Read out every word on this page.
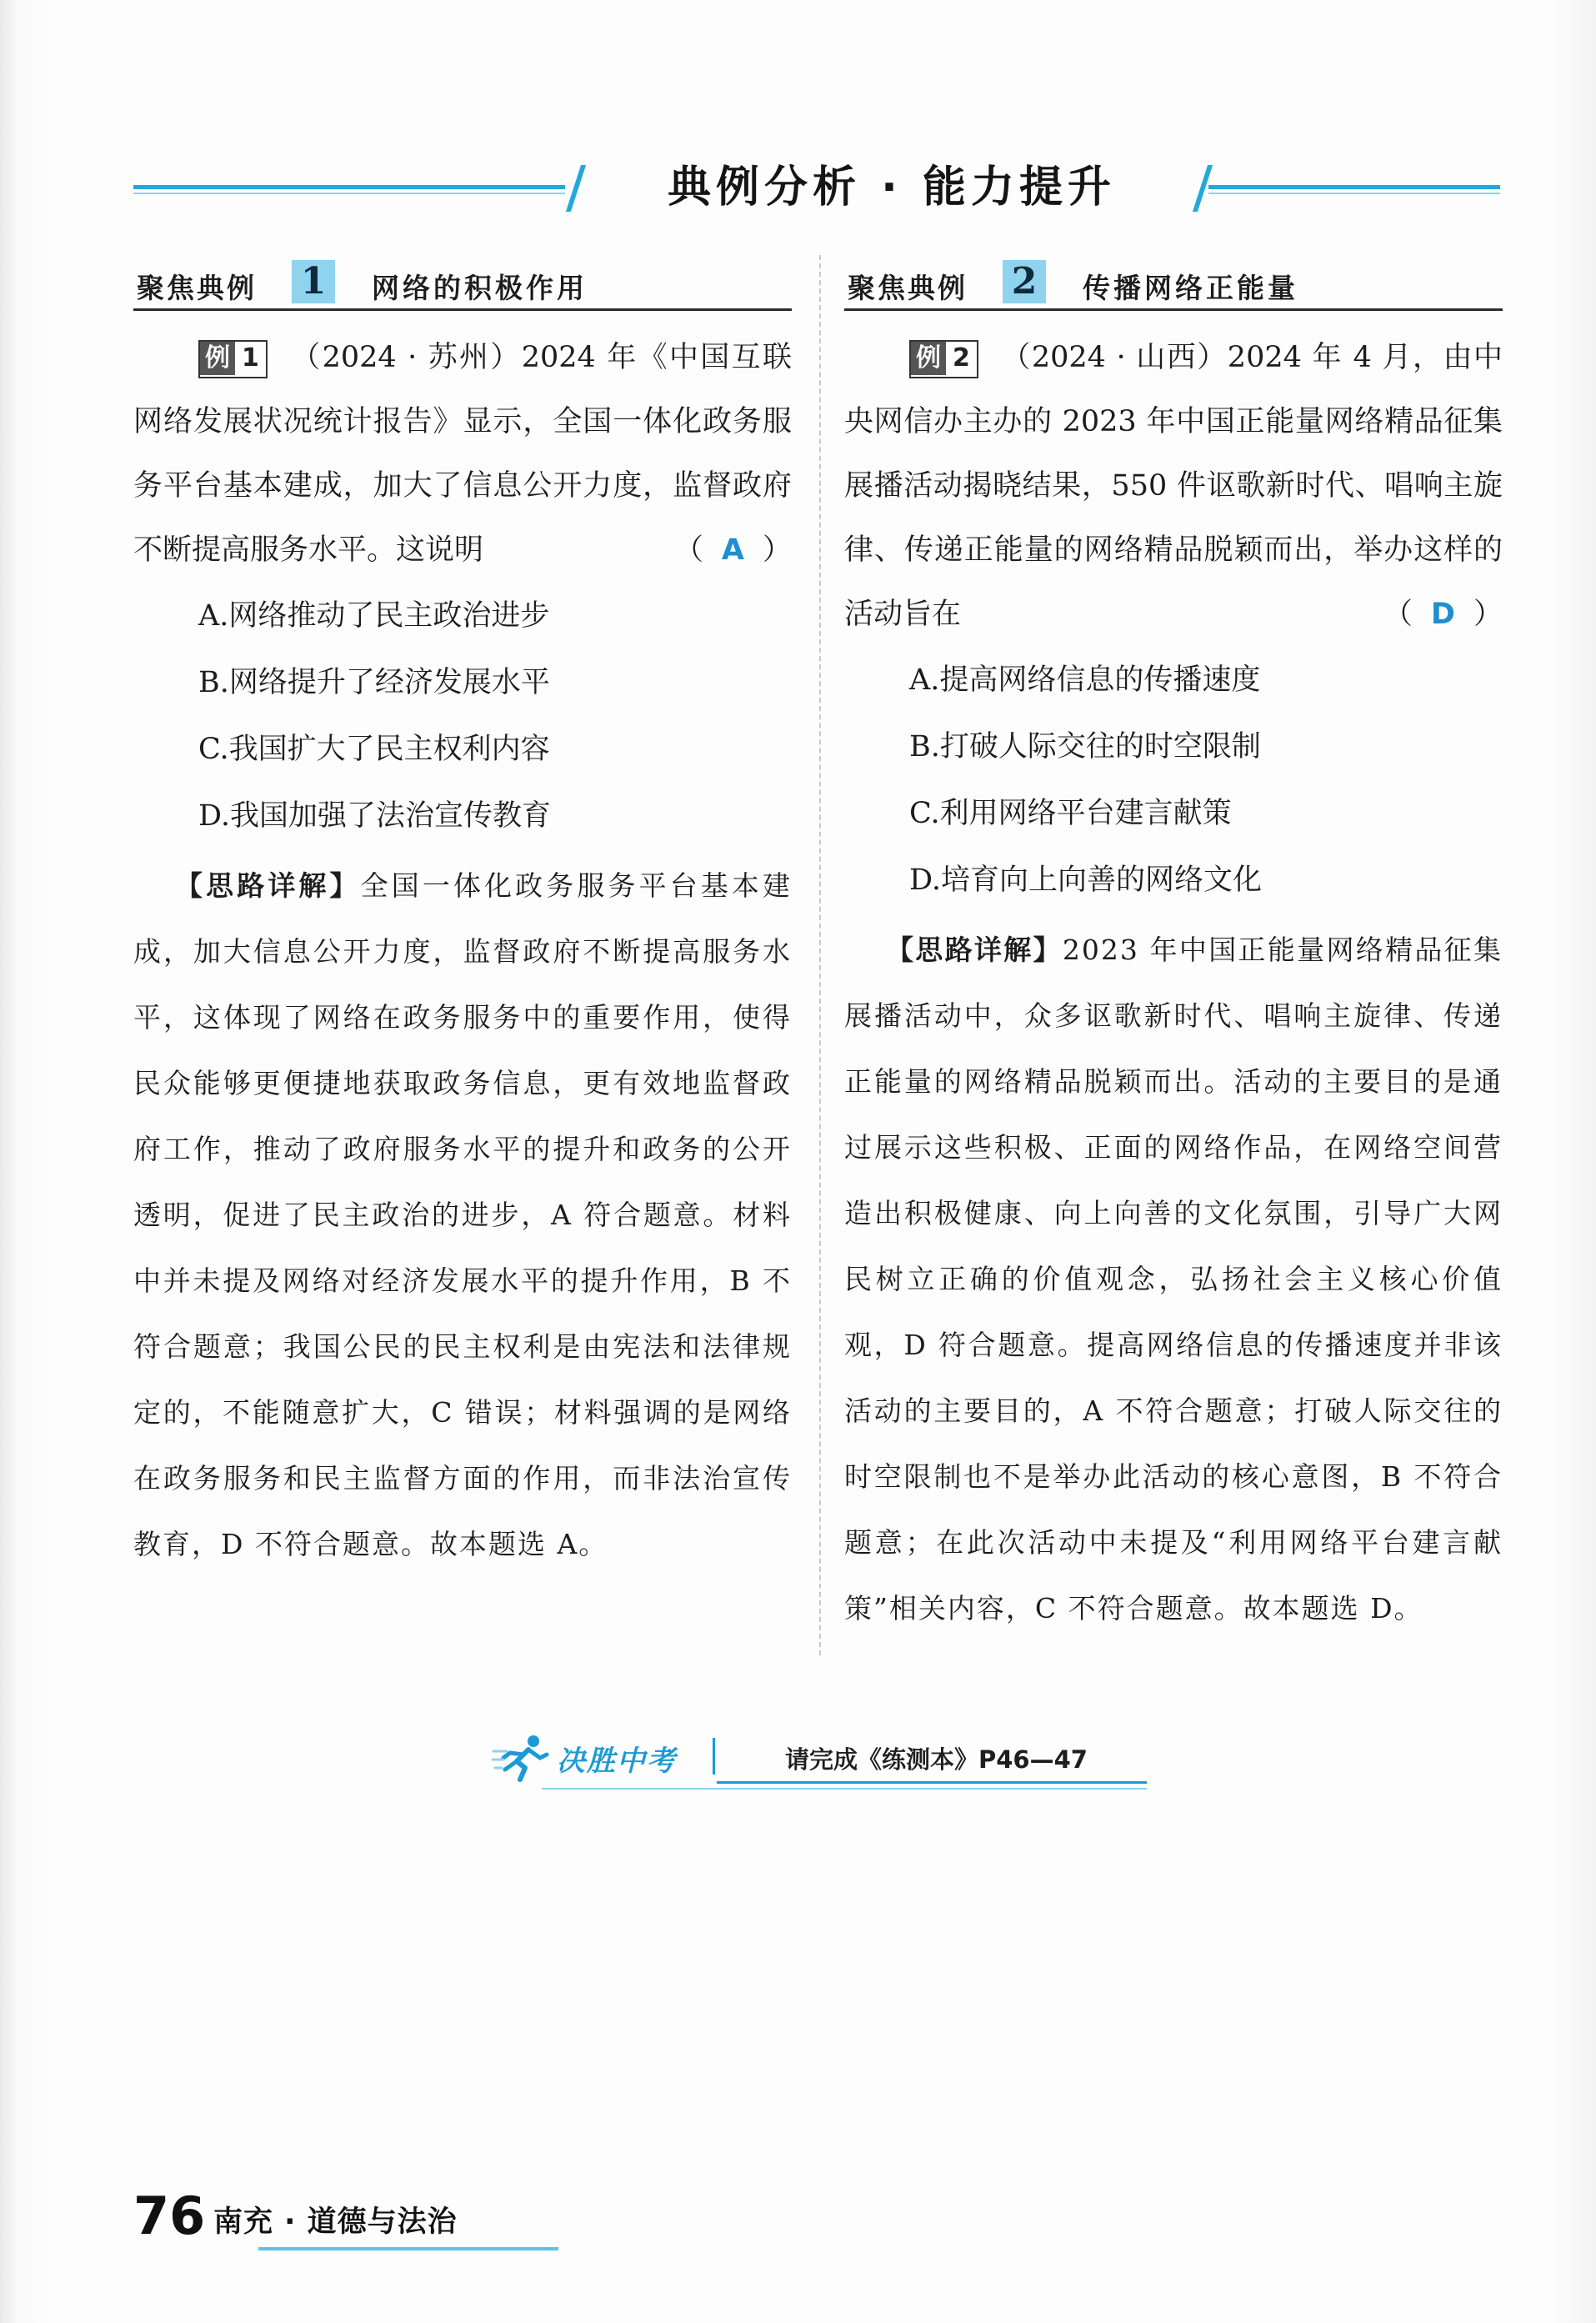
典例分析 · 能力提升
聚焦典例 1	网络的积极作用
例 1 （2024 · 苏州）2024 年《中国互联网络发展状况统计报告》显示，全国一体化政务服务平台基本建成，加大了信息公开力度，监督政府不断提高服务水平。这说明	（ A ）
A.网络推动了民主政治进步
B.网络提升了经济发展水平
C.我国扩大了民主权利内容
D.我国加强了法治宣传教育
【思路详解】全国一体化政务服务平台基本建成，加大信息公开力度，监督政府不断提高服务水平，这体现了网络在政务服务中的重要作用，使得民众能够更便捷地获取政务信息，更有效地监督政府工作，推动了政府服务水平的提升和政务的公开透明，促进了民主政治的进步，A 符合题意。材料中并未提及网络对经济发展水平的提升作用，B 不符合题意；我国公民的民主权利是由宪法和法律规定的，不能随意扩大，C 错误；材料强调的是网络在政务服务和民主监督方面的作用，而非法治宣传教育，D 不符合题意。故本题选 A。
聚焦典例 2	传播网络正能量
例 2 （2024 · 山西）2024 年 4 月，由中央网信办主办的 2023 年中国正能量网络精品征集展播活动揭晓结果，550 件讴歌新时代、唱响主旋律、传递正能量的网络精品脱颖而出，举办这样的活动旨在	（ D ）
A.提高网络信息的传播速度
B.打破人际交往的时空限制
C.利用网络平台建言献策
D.培育向上向善的网络文化
【思路详解】2023 年中国正能量网络精品征集展播活动中，众多讴歌新时代、唱响主旋律、传递正能量的网络精品脱颖而出。活动的主要目的是通过展示这些积极、正面的网络作品，在网络空间营造出积极健康、向上向善的文化氛围，引导广大网民树立正确的价值观念，弘扬社会主义核心价值观，D 符合题意。提高网络信息的传播速度并非该活动的主要目的，A 不符合题意；打破人际交往的时空限制也不是举办此活动的核心意图，B 不符合题意；在此次活动中未提及“利用网络平台建言献策”相关内容，C 不符合题意。故本题选 D。
决胜中考	请完成《练测本》P46—47
76 南充 · 道德与法治
